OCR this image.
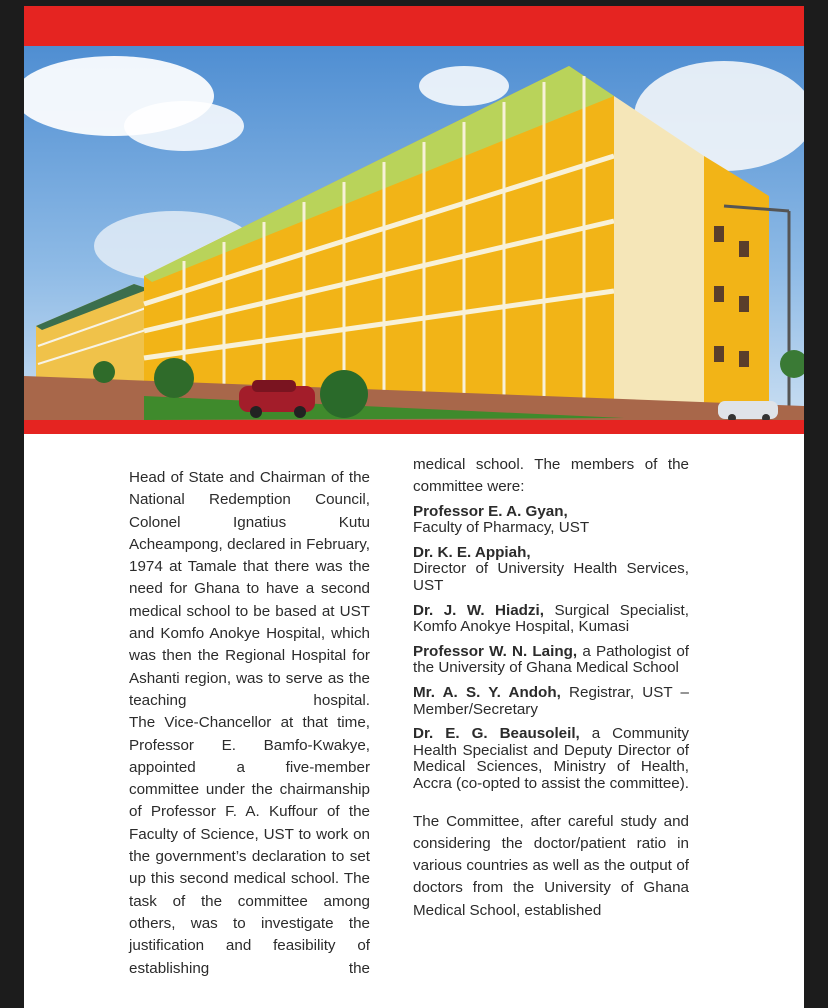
Head of State and Chairman of the National Redemption Council, Colonel Ignatius Kutu Acheampong, declared in February, 1974 at Tamale that there was the need for Ghana to have a second medical school to be based at UST and Komfo Anokye Hospital, which was then the Regional Hospital for Ashanti region, was to serve as the teaching hospital.

The Vice-Chancellor at that time, Professor E. Bamfo-Kwakye, appointed a five-member committee under the chairmanship of Professor F. A. Kuffour of the Faculty of Science, UST to work on the government’s declaration to set up this second medical school. The task of the committee among others, was to investigate the justification and feasibility of establishing the

medical school. The members of the committee were:

Professor E. A. Gyan,
Faculty of Pharmacy, UST

Dr. K. E. Appiah,
Director of University Health Services, UST

Dr. J. W. Hiadzi, Surgical Specialist, Komfo Anokye Hospital, Kumasi

Professor W. N. Laing, a Pathologist of the University of Ghana Medical School

Mr. A. S. Y. Andoh, Registrar, UST – Member/Secretary

Dr. E. G. Beausoleil, a Community Health Specialist and Deputy Director of Medical Sciences, Ministry of Health, Accra (co-opted to assist the committee).

The Committee, after careful study and considering the doctor/patient ratio in various countries as well as the output of doctors from the University of Ghana Medical School, established
